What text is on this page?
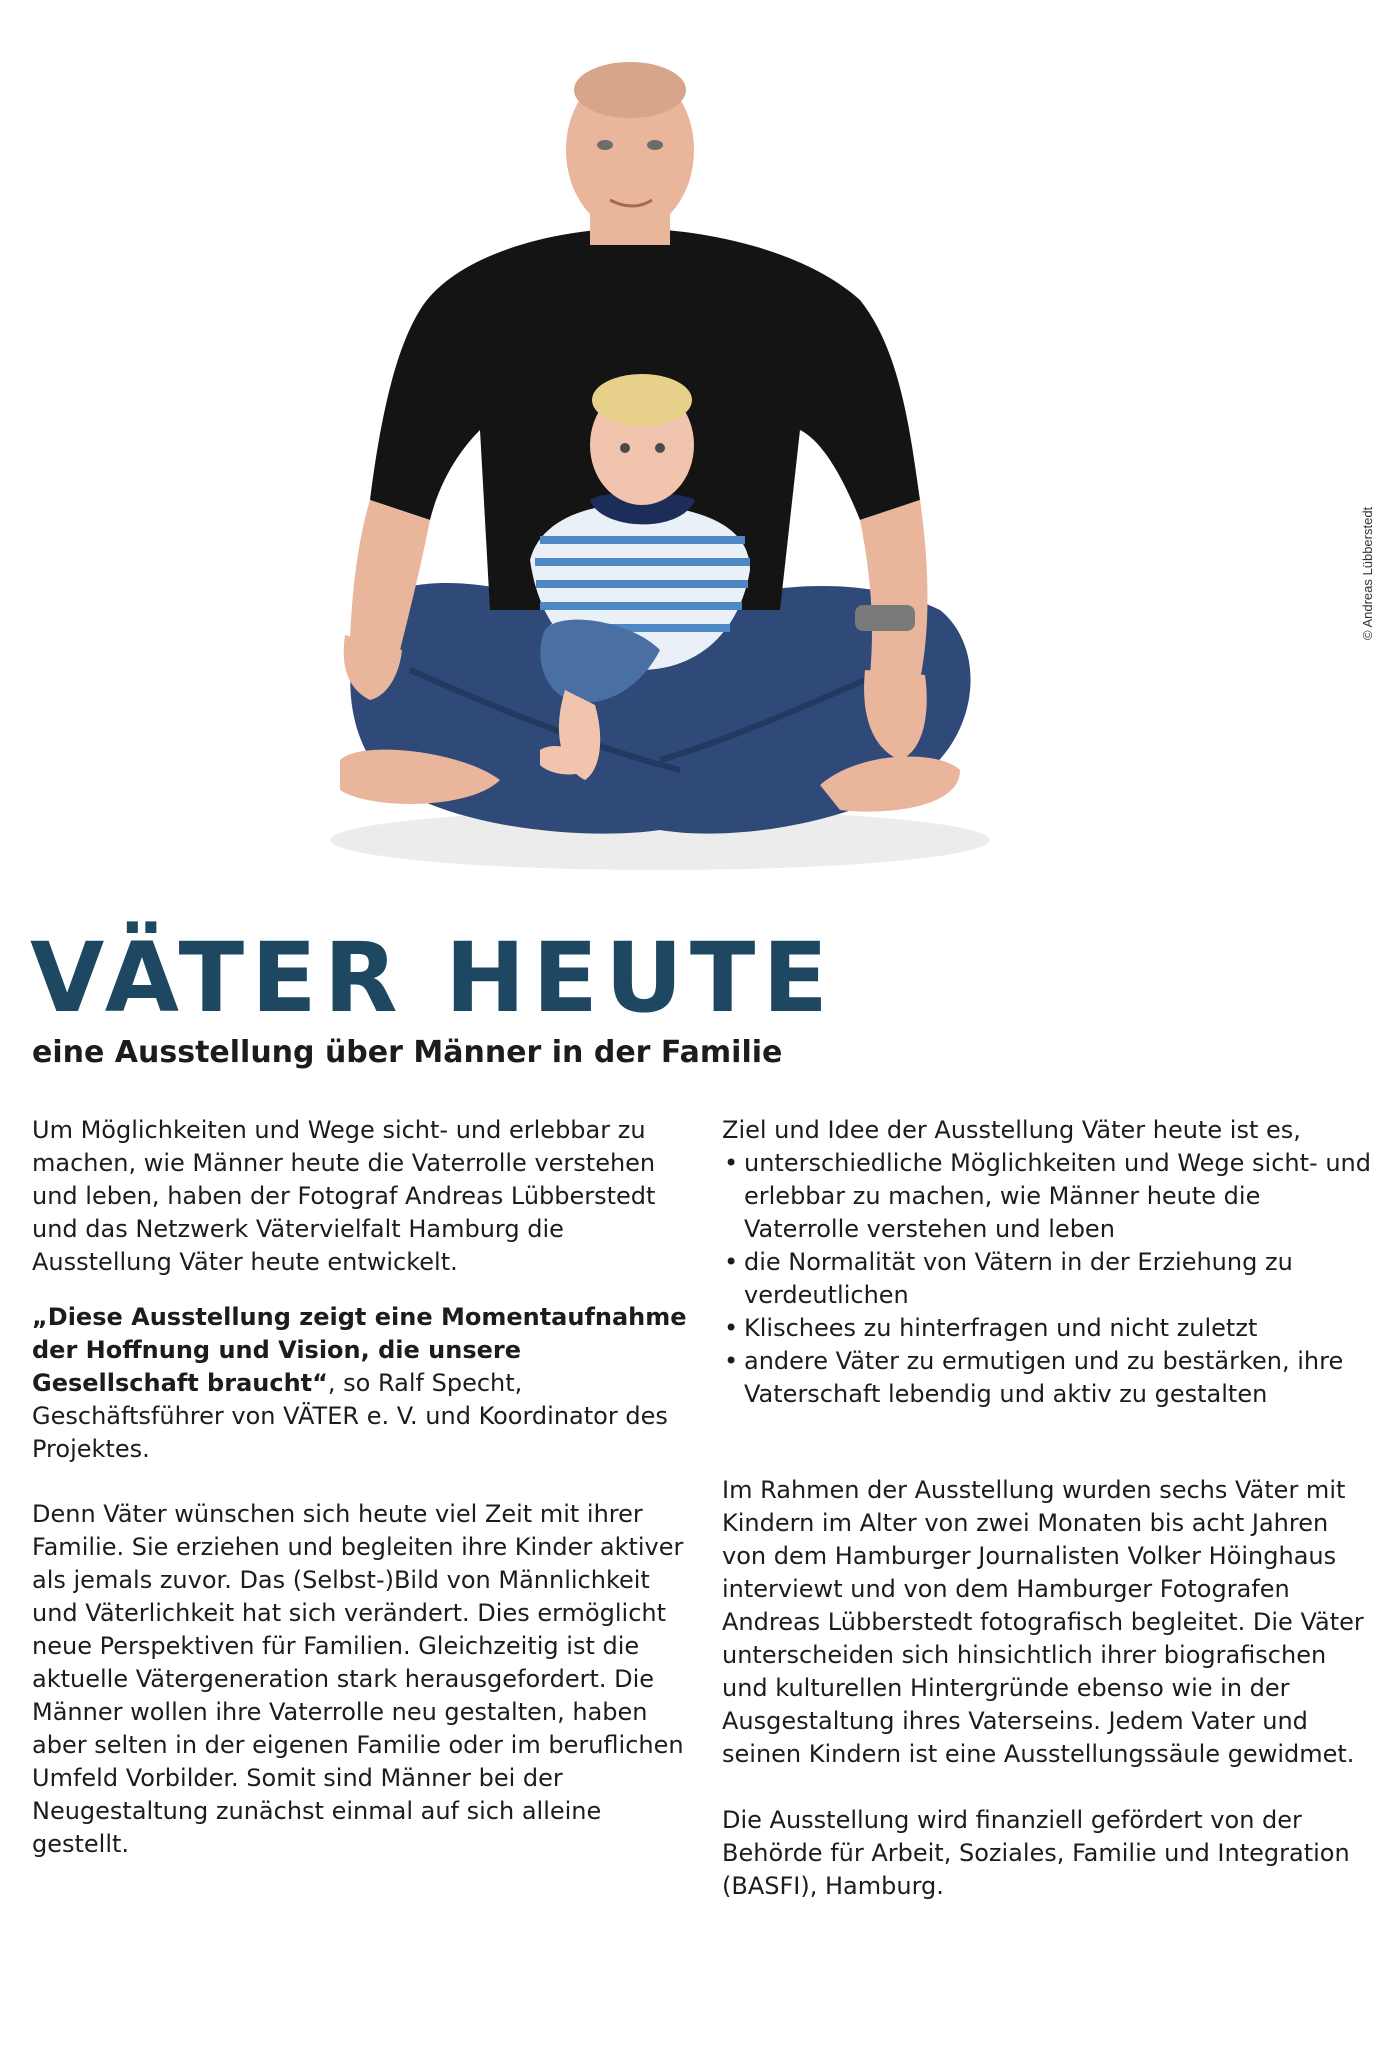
© Andreas Lübberstedt
VÄTER HEUTE
eine Ausstellung über Männer in der Familie

Um Möglichkeiten und Wege sicht- und erlebbar zu machen, wie Männer heute die Vaterrolle verstehen und leben, haben der Fotograf Andreas Lübberstedt und das Netzwerk Vätervielfalt Hamburg die Ausstellung Väter heute entwickelt.

„Diese Ausstellung zeigt eine Momentaufnahme der Hoffnung und Vision, die unsere Gesellschaft braucht“, so Ralf Specht, Geschäftsführer von VÄTER e. V. und Koordinator des Projektes.

Denn Väter wünschen sich heute viel Zeit mit ihrer Familie. Sie erziehen und begleiten ihre Kinder aktiver als jemals zuvor. Das (Selbst-)Bild von Männlichkeit und Väterlichkeit hat sich verändert. Dies ermöglicht neue Perspektiven für Familien. Gleichzeitig ist die aktuelle Vätergeneration stark herausgefordert. Die Männer wollen ihre Vaterrolle neu gestalten, haben aber selten in der eigenen Familie oder im beruflichen Umfeld Vorbilder. Somit sind Männer bei der Neugestaltung zunächst einmal auf sich alleine gestellt.

Ziel und Idee der Ausstellung Väter heute ist es,

• unterschiedliche Möglichkeiten und Wege sicht- und erlebbar zu machen, wie Männer heute die Vaterrolle verstehen und leben
• die Normalität von Vätern in der Erziehung zu verdeutlichen
• Klischees zu hinterfragen und nicht zuletzt
• andere Väter zu ermutigen und zu bestärken, ihre Vaterschaft lebendig und aktiv zu gestalten

Im Rahmen der Ausstellung wurden sechs Väter mit Kindern im Alter von zwei Monaten bis acht Jahren von dem Hamburger Journalisten Volker Höinghaus interviewt und von dem Hamburger Fotografen Andreas Lübberstedt fotografisch begleitet. Die Väter unterscheiden sich hinsichtlich ihrer biografischen und kulturellen Hintergründe ebenso wie in der Ausgestaltung ihres Vaterseins. Jedem Vater und seinen Kindern ist eine Ausstellungssäule gewidmet.

Die Ausstellung wird finanziell gefördert von der Behörde für Arbeit, Soziales, Familie und Integration (BASFI), Hamburg.
